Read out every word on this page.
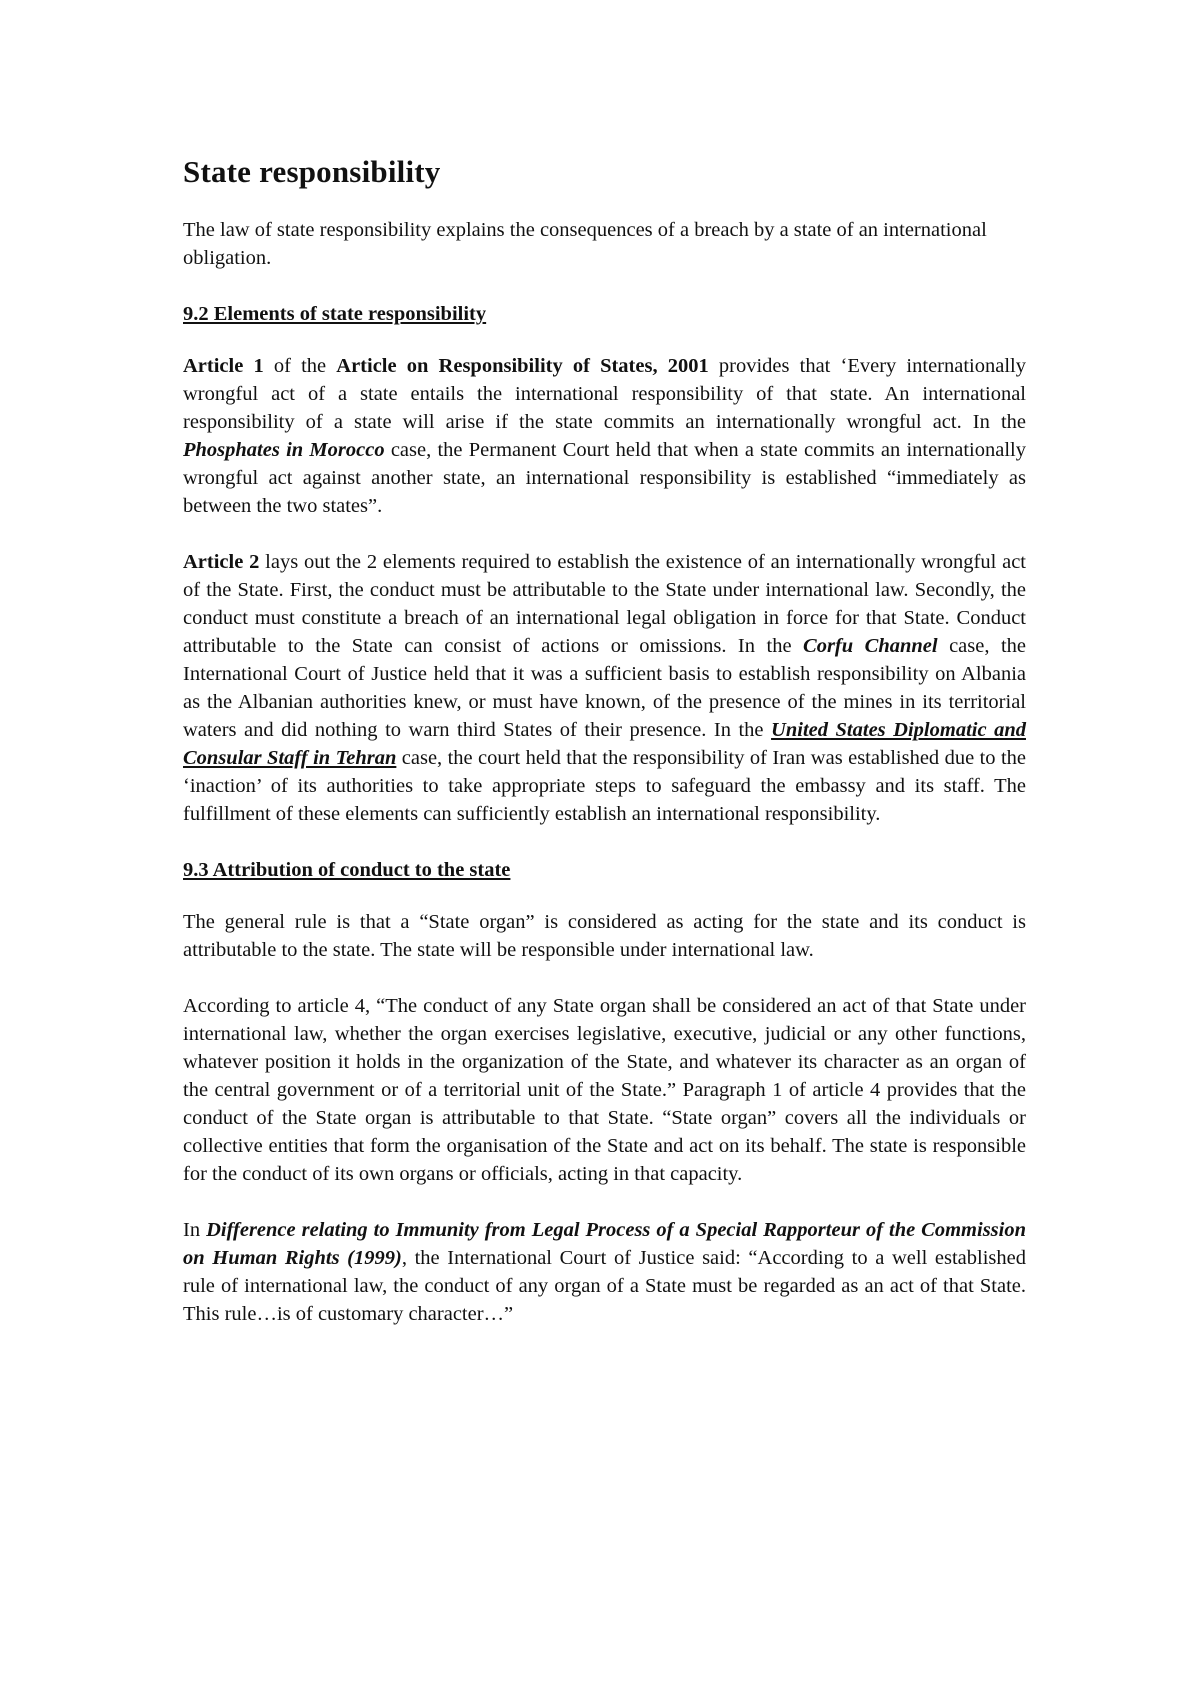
State responsibility

The law of state responsibility explains the consequences of a breach by a state of an international obligation.

9.2 Elements of state responsibility

Article 1 of the Article on Responsibility of States, 2001 provides that ‘Every internationally wrongful act of a state entails the international responsibility of that state. An international responsibility of a state will arise if the state commits an internationally wrongful act. In the Phosphates in Morocco case, the Permanent Court held that when a state commits an internationally wrongful act against another state, an international responsibility is established “immediately as between the two states”.

Article 2 lays out the 2 elements required to establish the existence of an internationally wrongful act of the State. First, the conduct must be attributable to the State under international law. Secondly, the conduct must constitute a breach of an international legal obligation in force for that State. Conduct attributable to the State can consist of actions or omissions. In the Corfu Channel case, the International Court of Justice held that it was a sufficient basis to establish responsibility on Albania as the Albanian authorities knew, or must have known, of the presence of the mines in its territorial waters and did nothing to warn third States of their presence. In the United States Diplomatic and Consular Staff in Tehran case, the court held that the responsibility of Iran was established due to the ‘inaction’ of its authorities to take appropriate steps to safeguard the embassy and its staff. The fulfillment of these elements can sufficiently establish an international responsibility.

9.3 Attribution of conduct to the state

The general rule is that a “State organ” is considered as acting for the state and its conduct is attributable to the state. The state will be responsible under international law.

According to article 4, “The conduct of any State organ shall be considered an act of that State under international law, whether the organ exercises legislative, executive, judicial or any other functions, whatever position it holds in the organization of the State, and whatever its character as an organ of the central government or of a territorial unit of the State.” Paragraph 1 of article 4 provides that the conduct of the State organ is attributable to that State. “State organ” covers all the individuals or collective entities that form the organisation of the State and act on its behalf. The state is responsible for the conduct of its own organs or officials, acting in that capacity.

In Difference relating to Immunity from Legal Process of a Special Rapporteur of the Commission on Human Rights (1999), the International Court of Justice said: “According to a well established rule of international law, the conduct of any organ of a State must be regarded as an act of that State. This rule…is of customary character…”
